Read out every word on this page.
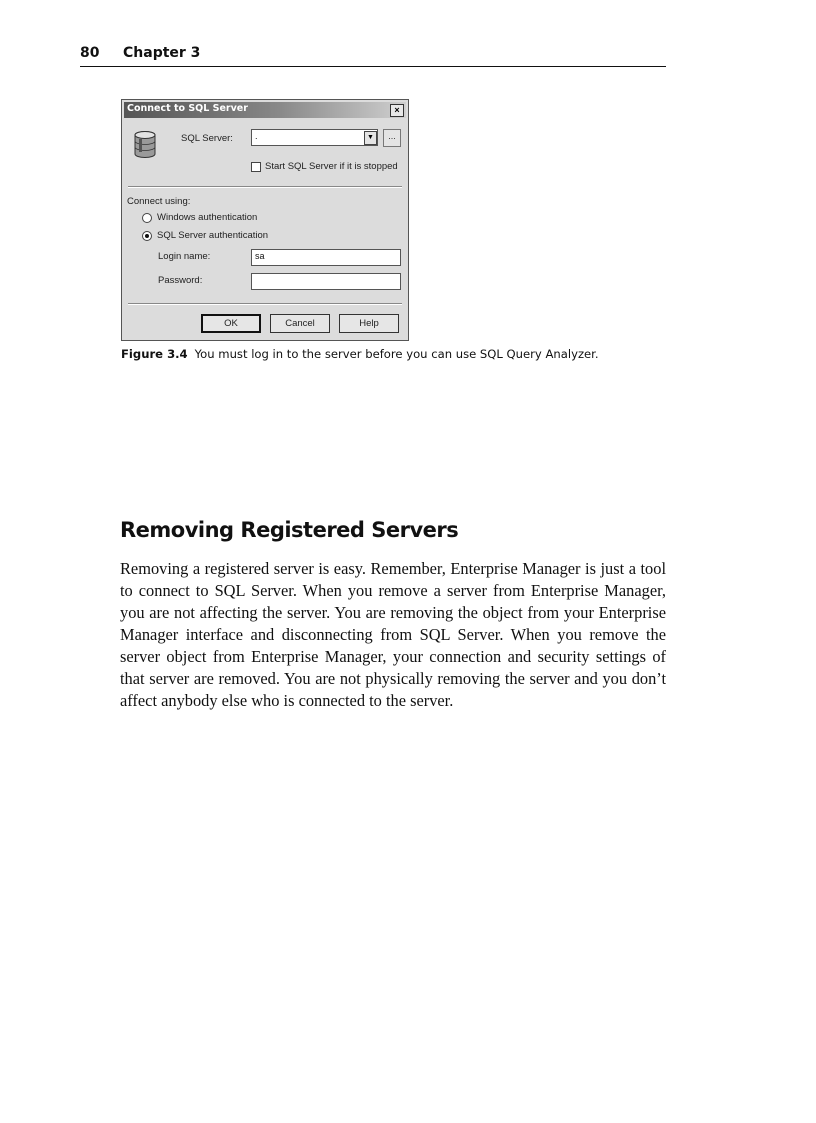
80 Chapter 3
Connect to SQL Server	×
SQL Server:	.	▼	...
Start SQL Server if it is stopped
Connect using:
Windows authentication
SQL Server authentication
Login name:	sa
Password:
OK	Cancel	Help
Figure 3.4 You must log in to the server before you can use SQL Query Analyzer.
Removing Registered Servers

Removing a registered server is easy. Remember, Enterprise Manager is just a tool to connect to SQL Server. When you remove a server from Enterprise Manager, you are not affecting the server. You are removing the object from your Enterprise Manager interface and disconnecting from SQL Server. When you remove the server object from Enterprise Manager, your connection and security settings of that server are removed. You are not physically removing the server and you don’t affect anybody else who is connected to the server.
